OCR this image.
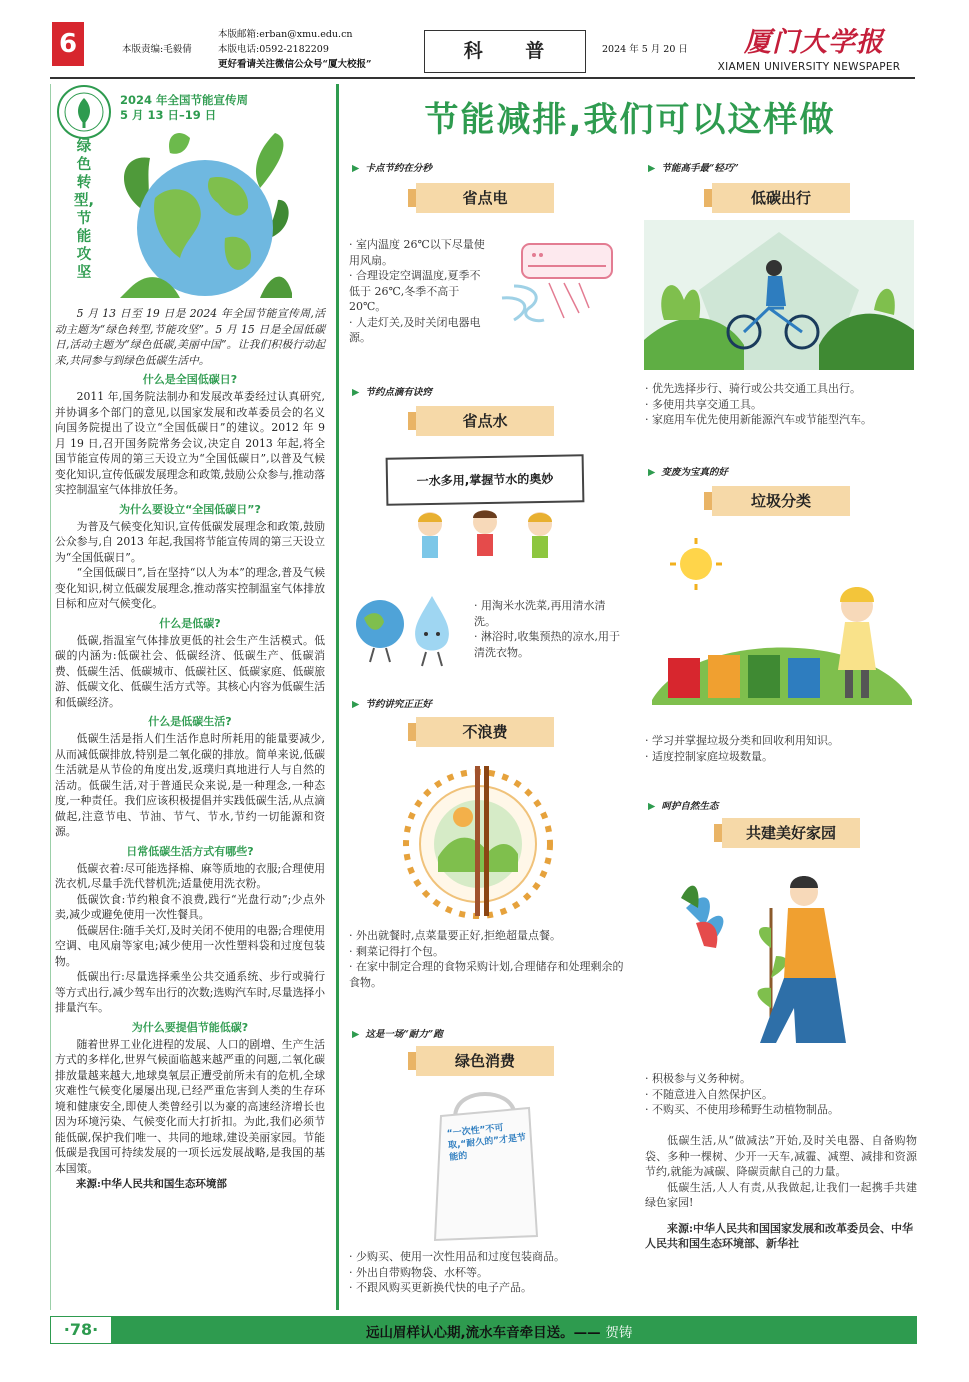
6	本版责编:毛毅倩
本版邮箱:erban@xmu.edu.cn
本版电话:0592-2182209
更好看请关注微信公众号“厦大校报”
科 普	2024 年 5 月 20 日 厦门大学报
XIAMEN UNIVERSITY NEWSPAPER
2024 年全国节能宣传周
5 月 13 日–19 日
绿色转型,节能攻坚

5 月 13 日至 19 日是 2024 年全国节能宣传周,活动主题为“绿色转型,节能攻坚”。5 月 15 日是全国低碳日,活动主题为“绿色低碳,美丽中国”。让我们积极行动起来,共同参与到绿色低碳生活中。

什么是全国低碳日?

2011 年,国务院法制办和发展改革委经过认真研究,并协调多个部门的意见,以国家发展和改革委员会的名义向国务院提出了设立“全国低碳日”的建议。2012 年 9 月 19 日,召开国务院常务会议,决定自 2013 年起,将全国节能宣传周的第三天设立为“全国低碳日”,以普及气候变化知识,宣传低碳发展理念和政策,鼓励公众参与,推动落实控制温室气体排放任务。

为什么要设立“全国低碳日”?

为普及气候变化知识,宣传低碳发展理念和政策,鼓励公众参与,自 2013 年起,我国将节能宣传周的第三天设立为“全国低碳日”。

“全国低碳日”,旨在坚持“以人为本”的理念,普及气候变化知识,树立低碳发展理念,推动落实控制温室气体排放目标和应对气候变化。

什么是低碳?

低碳,指温室气体排放更低的社会生产生活模式。低碳的内涵为:低碳社会、低碳经济、低碳生产、低碳消费、低碳生活、低碳城市、低碳社区、低碳家庭、低碳旅游、低碳文化、低碳生活方式等。其核心内容为低碳生活和低碳经济。

什么是低碳生活?

低碳生活是指人们生活作息时所耗用的能量要减少,从而减低碳排放,特别是二氧化碳的排放。简单来说,低碳生活就是从节俭的角度出发,返璞归真地进行人与自然的活动。低碳生活,对于普通民众来说,是一种理念,一种态度,一种责任。我们应该积极提倡并实践低碳生活,从点滴做起,注意节电、节油、节气、节水,节约一切能源和资源。

日常低碳生活方式有哪些?

低碳衣着:尽可能选择棉、麻等质地的衣服;合理使用洗衣机,尽量手洗代替机洗;适量使用洗衣粉。

低碳饮食:节约粮食不浪费,践行“光盘行动”;少点外卖,减少或避免使用一次性餐具。

低碳居住:随手关灯,及时关闭不使用的电器;合理使用空调、电风扇等家电;减少使用一次性塑料袋和过度包装物。

低碳出行:尽量选择乘坐公共交通系统、步行或骑行等方式出行,减少驾车出行的次数;选购汽车时,尽量选择小排量汽车。

为什么要提倡节能低碳?

随着世界工业化进程的发展、人口的剧增、生产生活方式的多样化,世界气候面临越来越严重的问题,二氧化碳排放量越来越大,地球臭氧层正遭受前所未有的危机,全球灾难性气候变化屡屡出现,已经严重危害到人类的生存环境和健康安全,即使人类曾经引以为豪的高速经济增长也因为环境污染、气候变化而大打折扣。为此,我们必须节能低碳,保护我们唯一、共同的地球,建设美丽家园。节能低碳是我国可持续发展的一项长远发展战略,是我国的基本国策。

来源:中华人民共和国生态环境部

节能减排,我们可以这样做
▶ 卡点节约在分秒
省点电
· 室内温度 26℃以下尽量使用风扇。
· 合理设定空调温度,夏季不低于 26℃,冬季不高于 20℃。
· 人走灯关,及时关闭电器电源。
▶ 节约点滴有诀窍
省点水
一水多用,掌握节水的奥妙
· 用淘米水洗菜,再用清水清洗。
· 淋浴时,收集预热的凉水,用于清洗衣物。
▶ 节约讲究正正好
不浪费
· 外出就餐时,点菜量要正好,拒绝超量点餐。
· 剩菜记得打个包。
· 在家中制定合理的食物采购计划,合理储存和处理剩余的食物。
▶ 这是一场“耐力”跑
绿色消费
“一次性”不可取,“耐久的”才是节能的
· 少购买、使用一次性用品和过度包装商品。
· 外出自带购物袋、水杯等。
· 不跟风购买更新换代快的电子产品。
▶ 节能高手最“轻巧”
低碳出行
· 优先选择步行、骑行或公共交通工具出行。
· 多使用共享交通工具。
· 家庭用车优先使用新能源汽车或节能型汽车。
▶ 变废为宝真的好
垃圾分类
· 学习并掌握垃圾分类和回收利用知识。
· 适度控制家庭垃圾数量。
▶ 呵护自然生态
共建美好家园
· 积极参与义务种树。
· 不随意进入自然保护区。
· 不购买、不使用珍稀野生动植物制品。

低碳生活,从“做减法”开始,及时关电器、自备购物袋、多种一棵树、少开一天车,减霾、减塑、减排和资源节约,就能为减碳、降碳贡献自己的力量。

低碳生活,人人有责,从我做起,让我们一起携手共建绿色家园!

来源:中华人民共和国国家发展和改革委员会、中华人民共和国生态环境部、新华社

·78·	远山眉样认心期,流水车音牵目送。—— 贺铸
